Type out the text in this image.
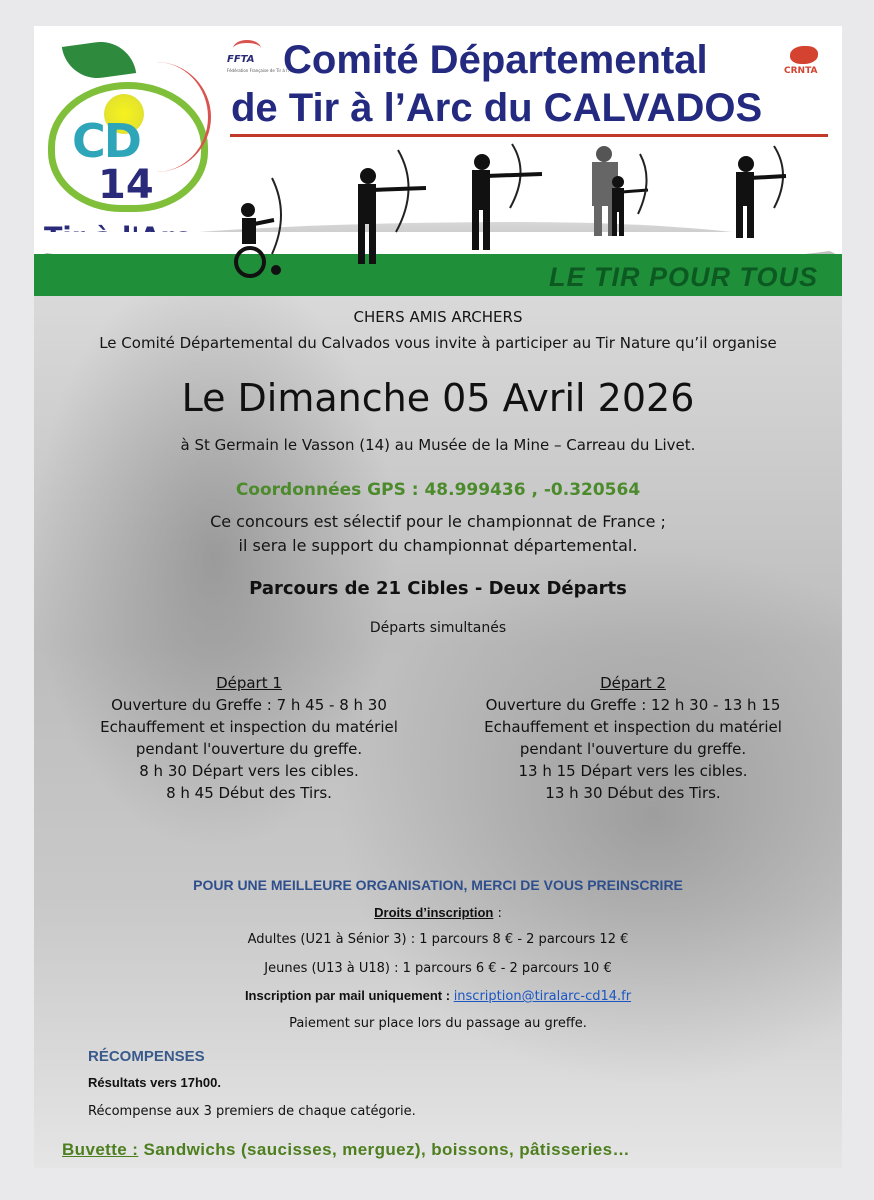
CD
14
FFTA
Fédération Française de Tir à l'Arc
Comité Départemental
de Tir à l’Arc du CALVADOS
CRNTA
LE TIR POUR TOUS
CHERS AMIS ARCHERS
Le Comité Départemental du Calvados vous invite à participer au Tir Nature qu’il organise
Le Dimanche 05 Avril 2026
à St Germain le Vasson (14) au Musée de la Mine – Carreau du Livet.
Coordonnées GPS : 48.999436 , -0.320564
Ce concours est sélectif pour le championnat de France ;
il sera le support du championnat départemental.
Parcours de 21 Cibles - Deux Départs
Départs simultanés
Départ 1
Ouverture du Greffe : 7 h 45 - 8 h 30
Echauffement et inspection du matériel
pendant l'ouverture du greffe.
8 h 30 Départ vers les cibles.
8 h 45 Début des Tirs.
Départ 2
Ouverture du Greffe : 12 h 30 - 13 h 15
Echauffement et inspection du matériel
pendant l'ouverture du greffe.
13 h 15 Départ vers les cibles.
13 h 30 Début des Tirs.
POUR UNE MEILLEURE ORGANISATION, MERCI DE VOUS PREINSCRIRE
Droits d’inscription :
Adultes (U21 à Sénior 3) : 1 parcours 8 € - 2 parcours 12 €
Jeunes (U13 à U18) : 1 parcours 6 € - 2 parcours 10 €
Inscription par mail uniquement : inscription@tiralarc-cd14.fr
Paiement sur place lors du passage au greffe.
RÉCOMPENSES
Résultats vers 17h00.
Récompense aux 3 premiers de chaque catégorie.
Buvette : Sandwichs (saucisses, merguez), boissons, pâtisseries…
